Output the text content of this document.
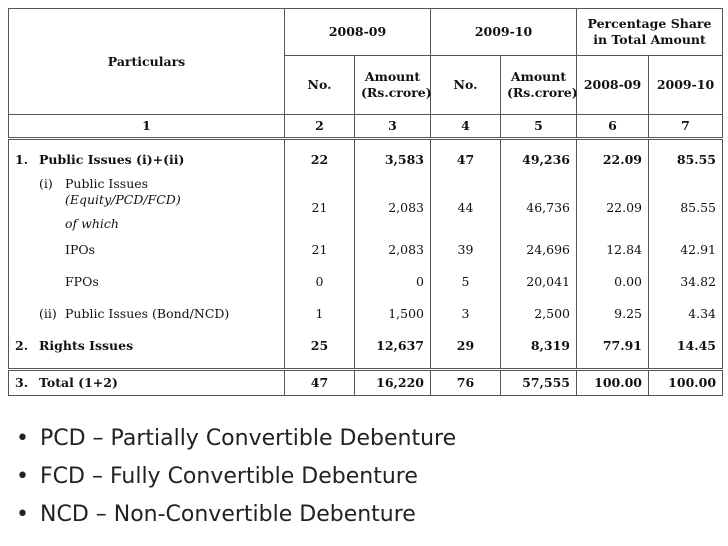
Particulars	2008-09		2009-10		Percentage Share in Total Amount	
	No.	Amount (Rs.crore)	No.	Amount (Rs.crore)	2008-09	2009-10
1	2	3	4	5	6	7

1. Public Issues (i)+(ii)	22	3,583	47	49,236	22.09	85.55

(i) Public Issues
(Equity/PCD/FCD)	21	2,083	44	46,736	22.09	85.55
of which						
IPOs	21	2,083	39	24,696	12.84	42.91
FPOs	0	0	5	20,041	0.00	34.82

(ii) Public Issues (Bond/NCD)	1	1,500	3	2,500	9.25	4.34

2. Rights Issues	25	12,637	29	8,319	77.91	14.45

3. Total (1+2)	47	16,220	76	57,555	100.00	100.00
• PCD – Partially Convertible Debenture
• FCD – Fully Convertible Debenture
• NCD – Non-Convertible Debenture
